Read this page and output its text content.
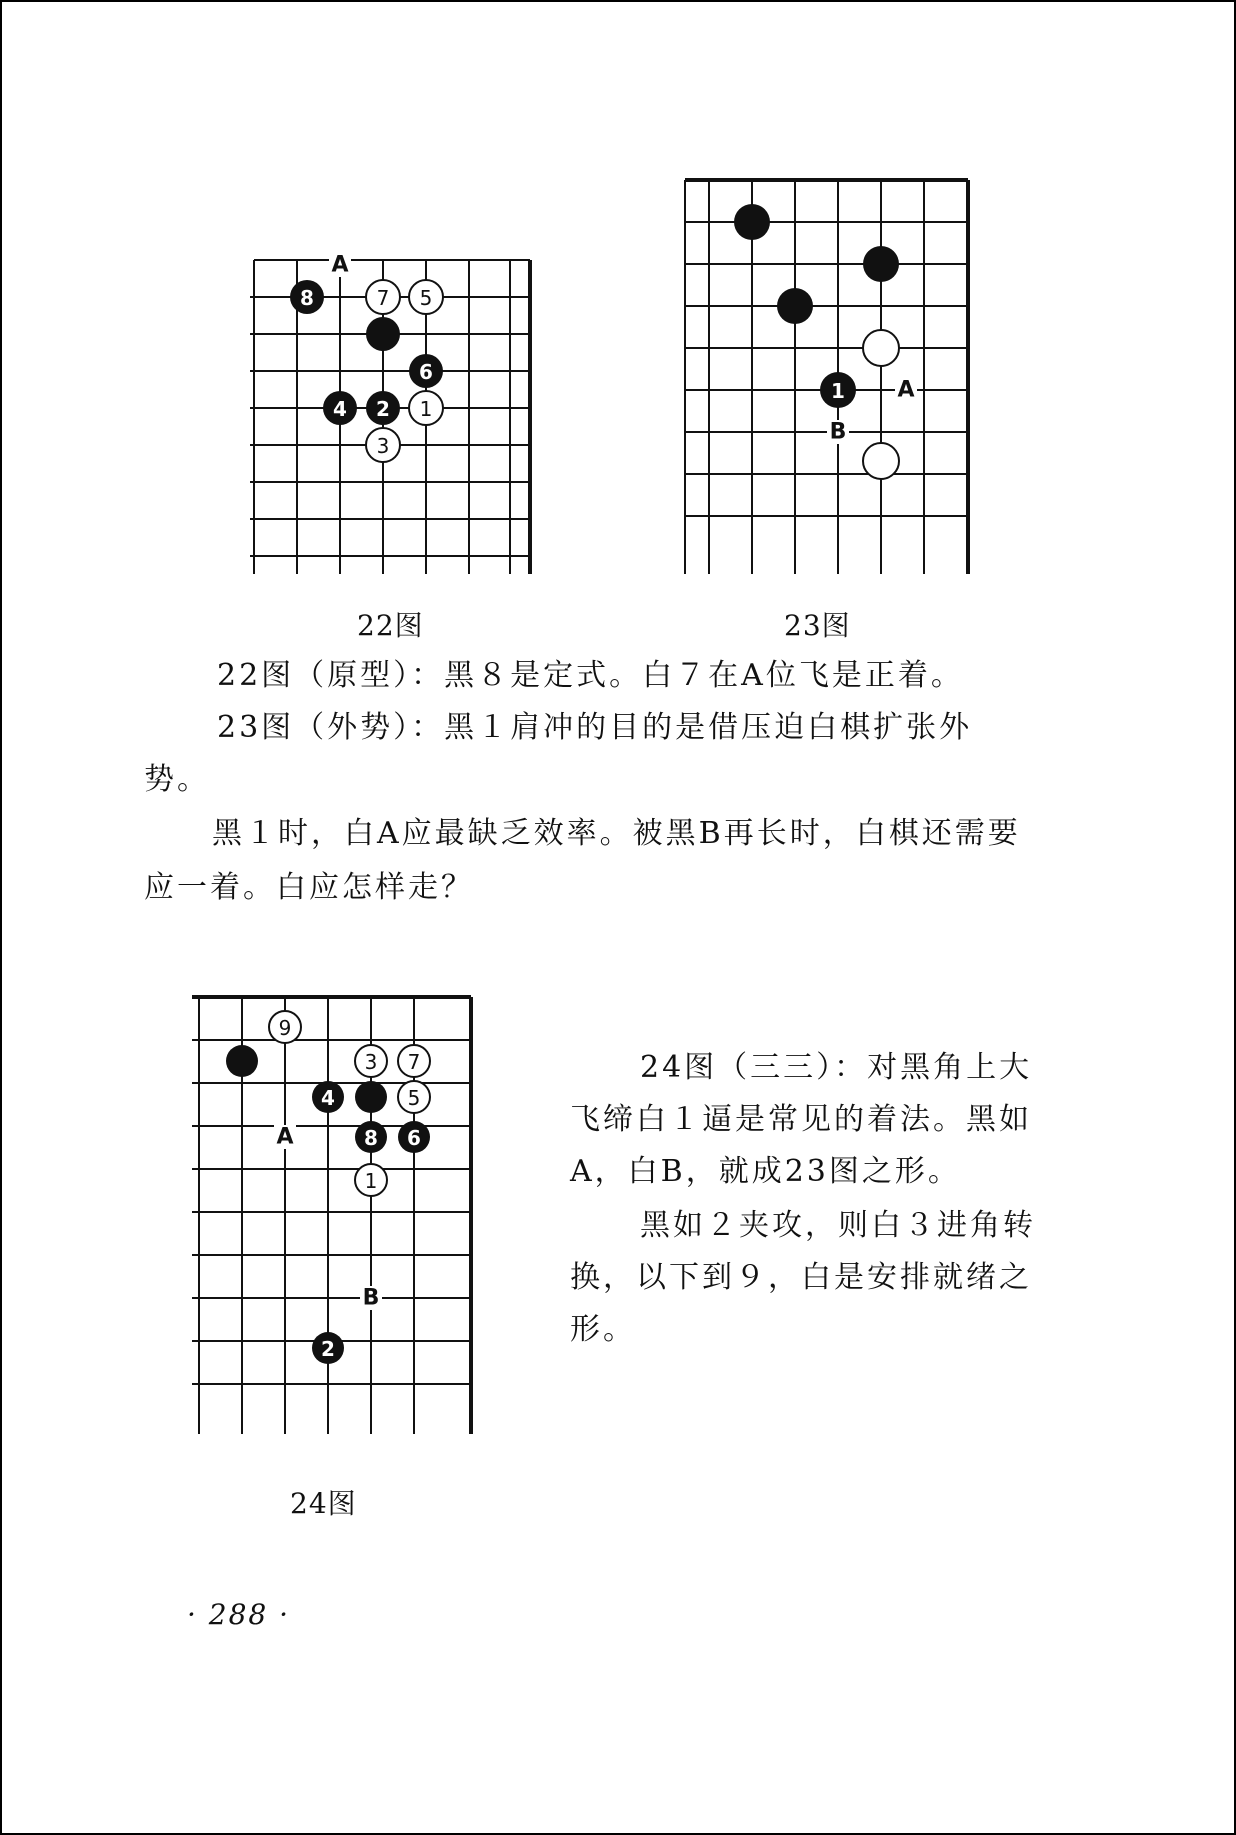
A
8	7 5
6
4 2 1
3
22图
A
B
1
23图
22图（原型）：黑８是定式。白７在A位飞是正着。
23图（外势）：黑１肩冲的目的是借压迫白棋扩张外
势。
黑１时，白A应最缺乏效率。被黑B再长时，白棋还需要
应一着。白应怎样走？
A
B
9
3 7
4	5
8 6
1
2
24图
24图（三三）：对黑角上大
飞缔白１逼是常见的着法。黑如
A，白B，就成23图之形。
黑如２夹攻，则白３进角转
换，以下到９，白是安排就绪之
形。
· 288 ·
